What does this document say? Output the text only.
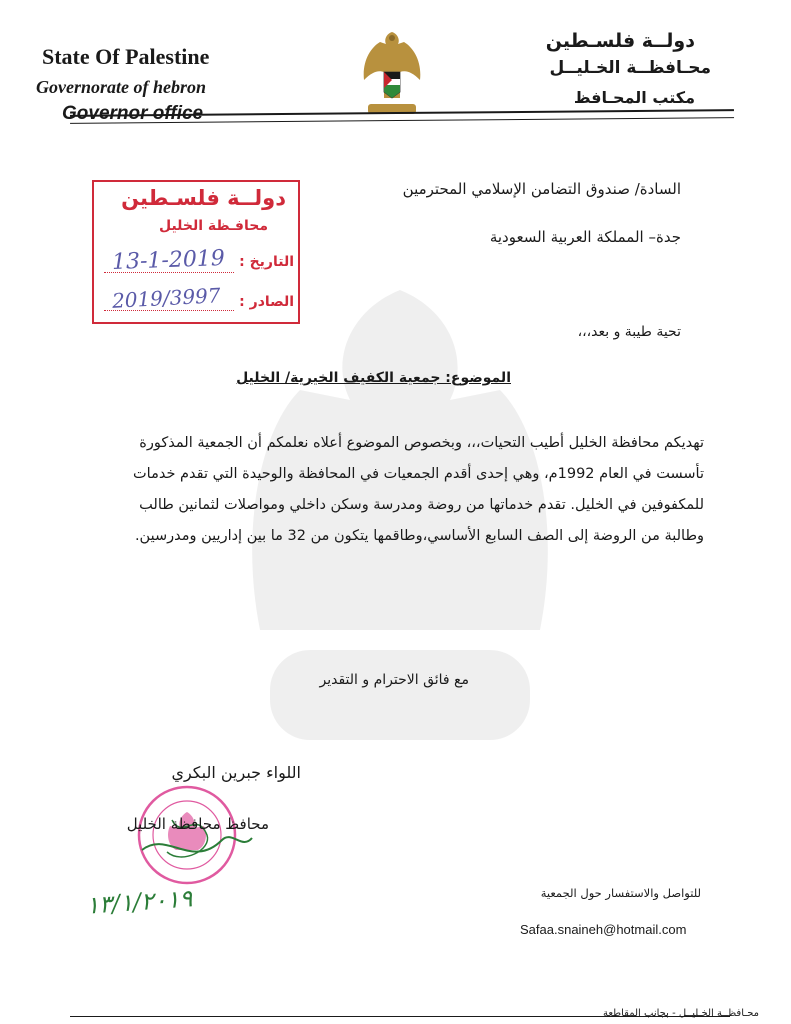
State Of Palestine
Governorate of hebron
Governor office
دولــة فلسـطين
محـافظــة الخـليــل
مكتب المحـافظ
دولــة فلسـطين
محافـظة الخليل
التاريخ :
13-1-2019
الصادر :
2019/3997
السادة/ صندوق التضامن الإسلامي المحترمين
جدة– المملكة العربية السعودية
تحية طيبة و بعد،،،
الموضوع: جمعية الكفيف الخيرية/ الخليل
تهديكم محافظة الخليل أطيب التحيات،،، وبخصوص الموضوع أعلاه نعلمكم أن الجمعية المذكورة تأسست في العام 1992م، وهي إحدى أقدم الجمعيات في المحافظة والوحيدة التي تقدم خدمات للمكفوفين في الخليل. تقدم خدماتها من روضة ومدرسة وسكن داخلي ومواصلات لثمانين طالب وطالبة من الروضة إلى الصف السابع الأساسي،وطاقمها يتكون من 32 ما بين إداريين ومدرسين.
مع فائق الاحترام و التقدير
اللواء جبرين البكري
محافظ محافظة الخليل
١٣/١/٢٠١٩	للتواصل والاستفسار حول الجمعية
Safaa.snaineh@hotmail.com
محـافظــة الخـليــل - بجانب المقاطعة
